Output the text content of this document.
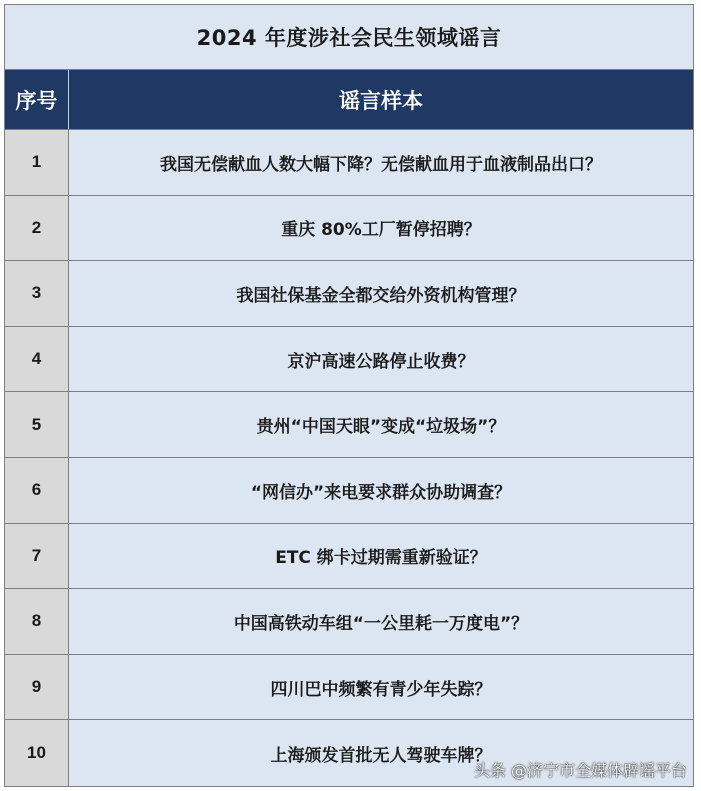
2024 年度涉社会民生领域谣言
序号	谣言样本
1	我国无偿献血人数大幅下降？无偿献血用于血液制品出口？
2	重庆 80%工厂暂停招聘？
3	我国社保基金全都交给外资机构管理？
4	京沪高速公路停止收费？
5	贵州“中国天眼”变成“垃圾场”？
6	“网信办”来电要求群众协助调查？
7	ETC 绑卡过期需重新验证？
8	中国高铁动车组“一公里耗一万度电”？
9	四川巴中频繁有青少年失踪？
10	上海颁发首批无人驾驶车牌？
头条 @济宁市全媒体辟谣平台
